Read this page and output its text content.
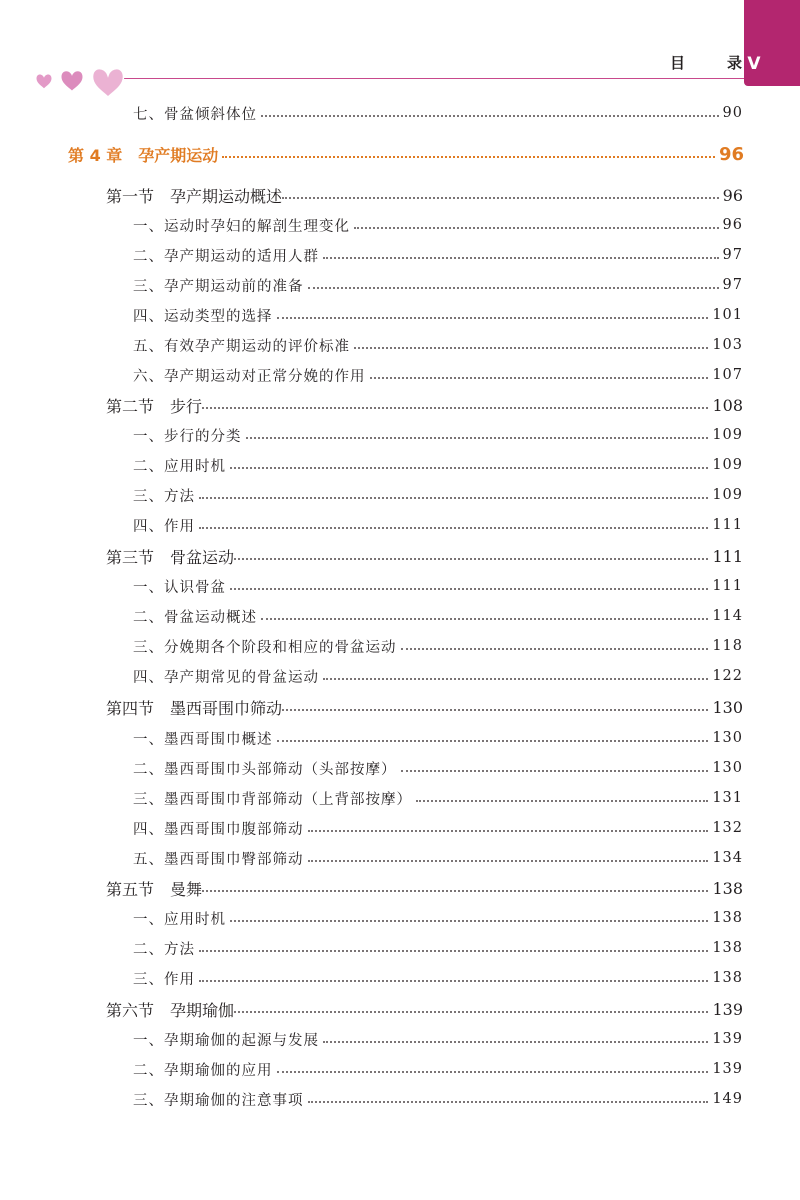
V
目	录
七、骨盆倾斜体位	90
第 4 章　孕产期运动	96
第一节　孕产期运动概述	96
一、运动时孕妇的解剖生理变化	96
二、孕产期运动的适用人群	97
三、孕产期运动前的准备	97
四、运动类型的选择	101
五、有效孕产期运动的评价标准	103
六、孕产期运动对正常分娩的作用	107
第二节　步行	108
一、步行的分类	109
二、应用时机	109
三、方法	109
四、作用	111
第三节　骨盆运动	111
一、认识骨盆	111
二、骨盆运动概述	114
三、分娩期各个阶段和相应的骨盆运动	118
四、孕产期常见的骨盆运动	122
第四节　墨西哥围巾筛动	130
一、墨西哥围巾概述	130
二、墨西哥围巾头部筛动（头部按摩）	130
三、墨西哥围巾背部筛动（上背部按摩）	131
四、墨西哥围巾腹部筛动	132
五、墨西哥围巾臀部筛动	134
第五节　曼舞	138
一、应用时机	138
二、方法	138
三、作用	138
第六节　孕期瑜伽	139
一、孕期瑜伽的起源与发展	139
二、孕期瑜伽的应用	139
三、孕期瑜伽的注意事项	149
